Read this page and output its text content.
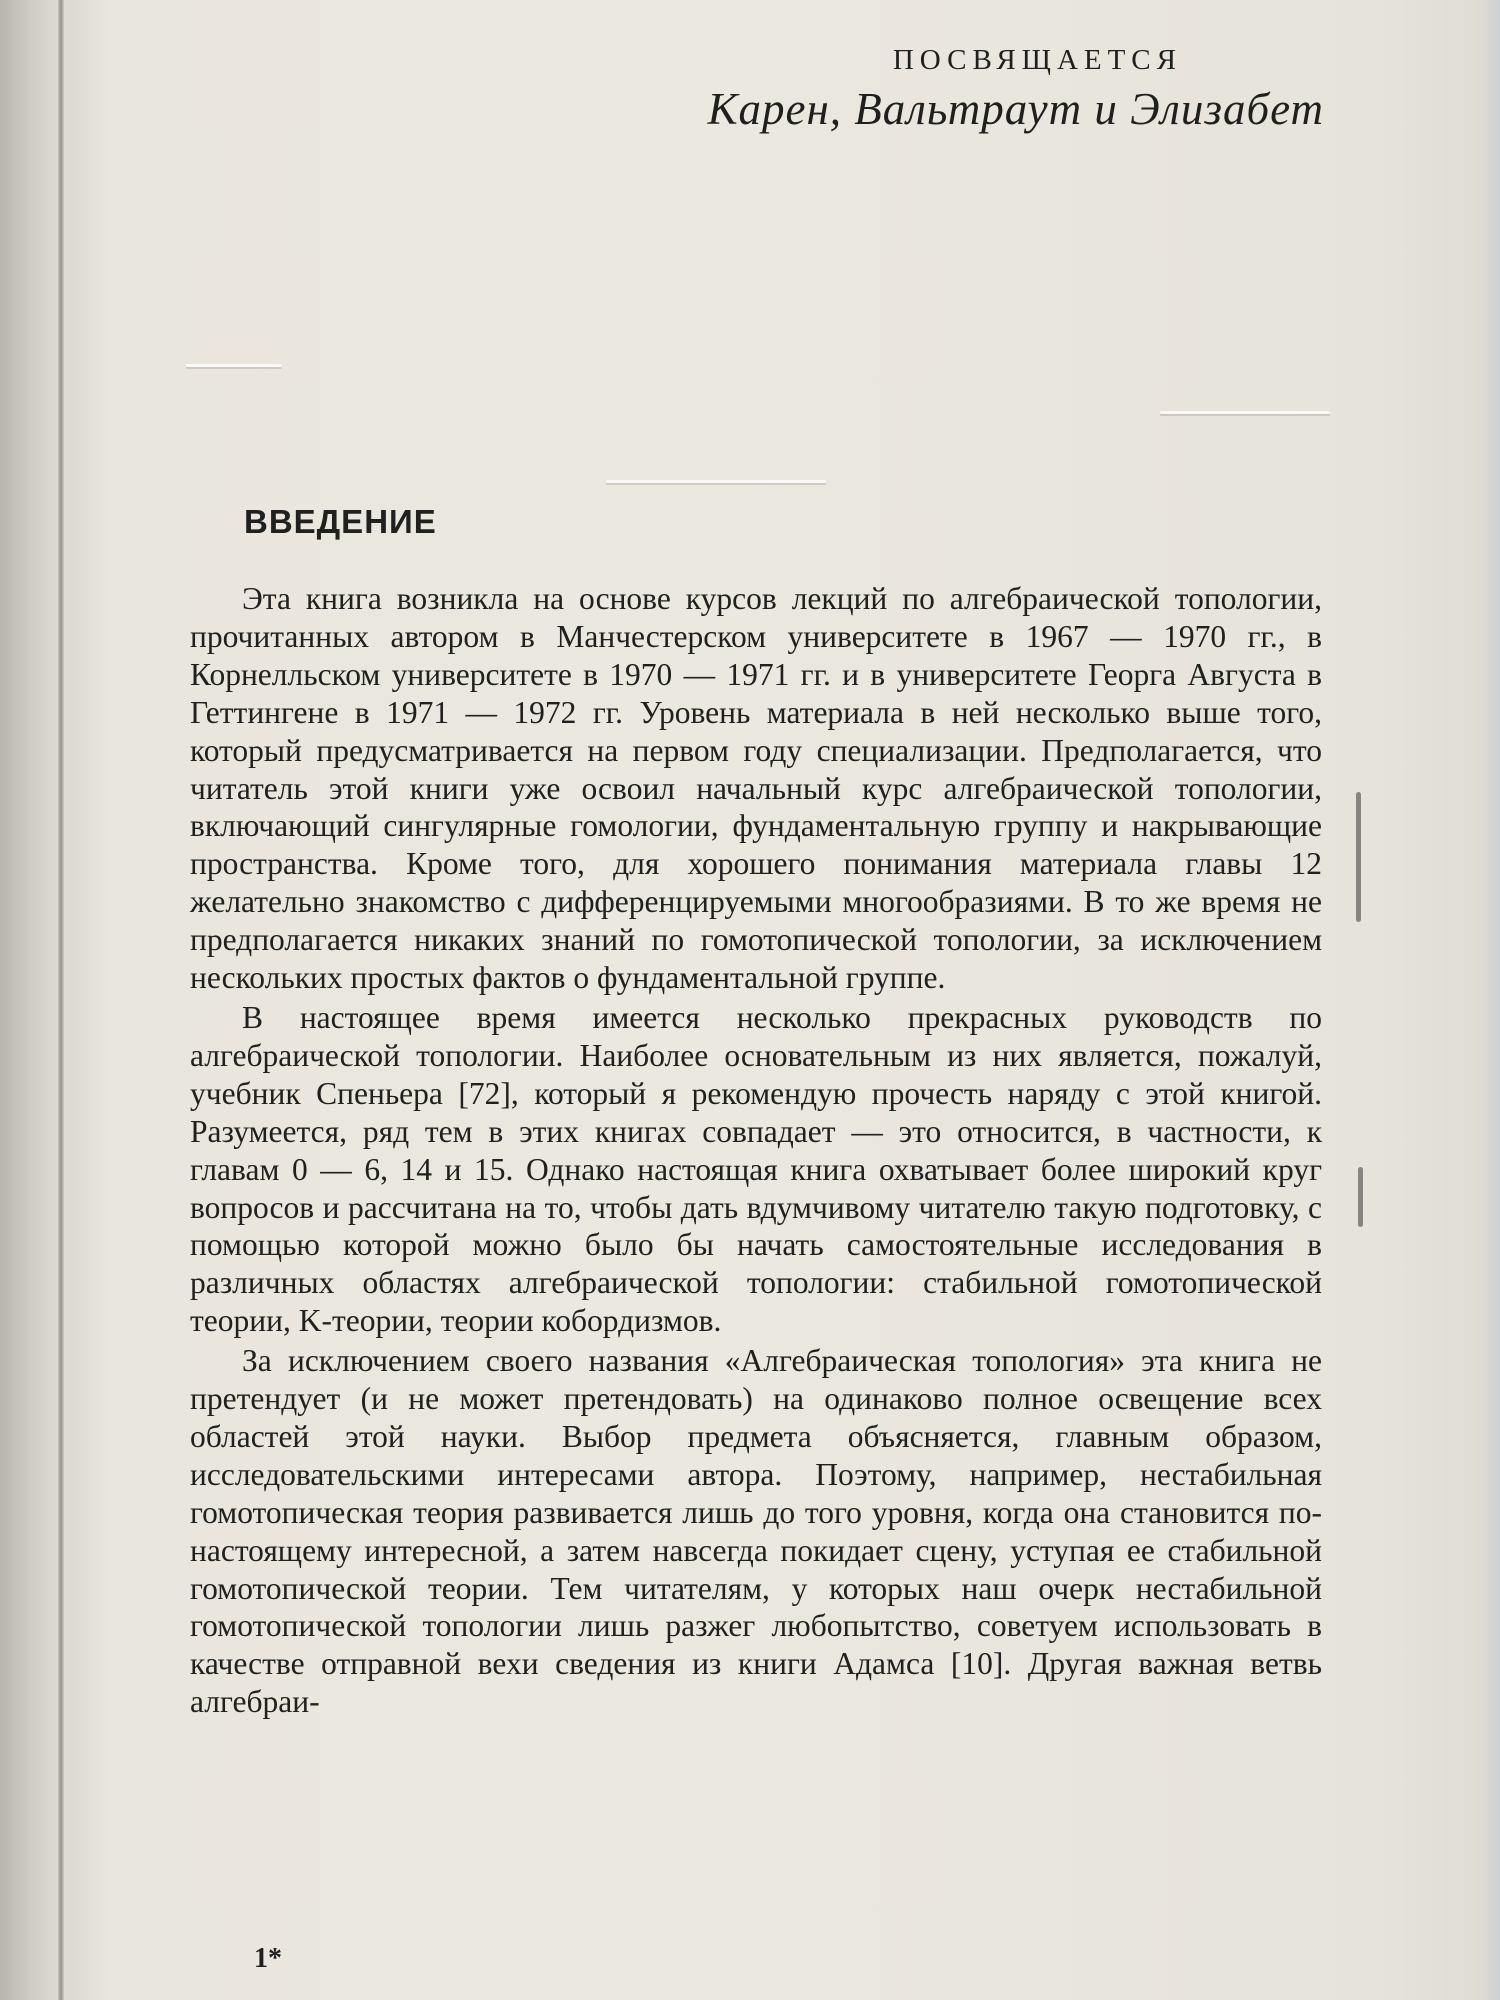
ПОСВЯЩАЕТСЯ
Карен, Вальтраут и Элизабет
ВВЕДЕНИЕ

Эта книга возникла на основе курсов лекций по алгебраической топологии, прочитанных автором в Манчестерском университете в 1967 — 1970 гг., в Корнелльском университете в 1970 — 1971 гг. и в университете Георга Августа в Геттингене в 1971 — 1972 гг. Уровень материала в ней несколько выше того, который предусматривается на первом году специализации. Предполагается, что читатель этой книги уже освоил начальный курс алгебраической топологии, включающий сингулярные гомологии, фундаментальную группу и накрывающие пространства. Кроме того, для хорошего понимания материала главы 12 желательно знакомство с дифференцируемыми многообразиями. В то же время не предполагается никаких знаний по гомотопической топологии, за исключением нескольких простых фактов о фундаментальной группе.

В настоящее время имеется несколько прекрасных руководств по алгебраической топологии. Наиболее основательным из них является, пожалуй, учебник Спеньера [72], который я рекомендую прочесть наряду с этой книгой. Разумеется, ряд тем в этих книгах совпадает — это относится, в частности, к главам 0 — 6, 14 и 15. Однако настоящая книга охватывает более широкий круг вопросов и рассчитана на то, чтобы дать вдумчивому читателю такую подготовку, с помощью которой можно было бы начать самостоятельные исследования в различных областях алгебраической топологии: стабильной гомотопической теории, K-теории, теории кобордизмов.

За исключением своего названия «Алгебраическая топология» эта книга не претендует (и не может претендовать) на одинаково полное освещение всех областей этой науки. Выбор предмета объясняется, главным образом, исследовательскими интересами автора. Поэтому, например, нестабильная гомотопическая теория развивается лишь до того уровня, когда она становится по-настоящему интересной, а затем навсегда покидает сцену, уступая ее стабильной гомотопической теории. Тем читателям, у которых наш очерк нестабильной гомотопической топологии лишь разжег любопытство, советуем использовать в качестве отправной вехи сведения из книги Адамса [10]. Другая важная ветвь алгебраи-

1*
